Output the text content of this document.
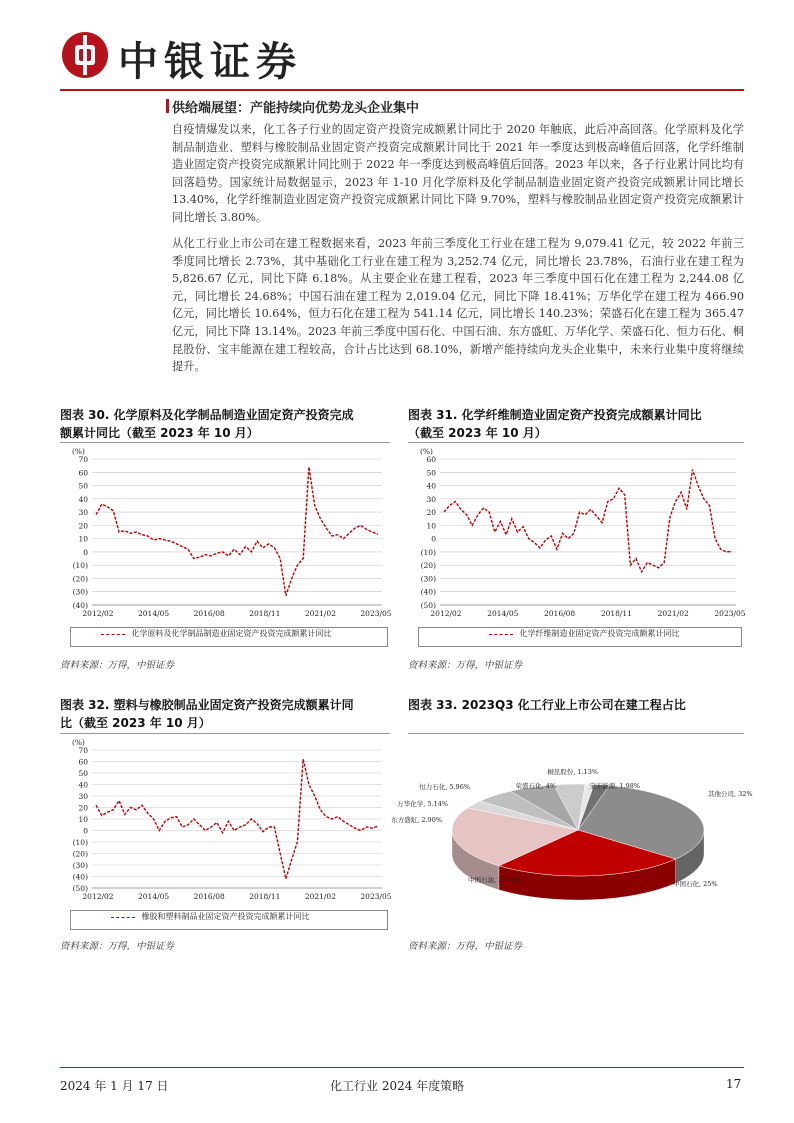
中银证券
供给端展望：产能持续向优势龙头企业集中
自疫情爆发以来，化工各子行业的固定资产投资完成额累计同比于 2020 年触底，此后冲高回落。化学原料及化学制品制造业、塑料与橡胶制品业固定资产投资完成额累计同比于 2021 年一季度达到极高峰值后回落，化学纤维制造业固定资产投资完成额累计同比则于 2022 年一季度达到极高峰值后回落。2023 年以来，各子行业累计同比均有回落趋势。国家统计局数据显示，2023 年 1-10 月化学原料及化学制品制造业固定资产投资完成额累计同比增长 13.40%，化学纤维制造业固定资产投资完成额累计同比下降 9.70%，塑料与橡胶制品业固定资产投资完成额累计同比增长 3.80%。
从化工行业上市公司在建工程数据来看，2023 年前三季度化工行业在建工程为 9,079.41 亿元，较 2022 年前三季度同比增长 2.73%，其中基础化工行业在建工程为 3,252.74 亿元，同比增长 23.78%，石油行业在建工程为 5,826.67 亿元，同比下降 6.18%。从主要企业在建工程看，2023 年三季度中国石化在建工程为 2,244.08 亿元，同比增长 24.68%；中国石油在建工程为 2,019.04 亿元，同比下降 18.41%；万华化学在建工程为 466.90 亿元，同比增长 10.64%，恒力石化在建工程为 541.14 亿元，同比增长 140.23%；荣盛石化在建工程为 365.47 亿元，同比下降 13.14%。2023 年前三季度中国石化、中国石油、东方盛虹、万华化学、荣盛石化、恒力石化、桐昆股份、宝丰能源在建工程较高，合计占比达到 68.10%，新增产能持续向龙头企业集中，未来行业集中度将继续提升。
图表 30. 化学原料及化学制品制造业固定资产投资完成
额累计同比（截至 2023 年 10 月）
(%)
70
60
50
40
30
20
10
0
(10)
(20)
(30)
(40)
2012/02	2014/05	2016/08	2018/11	2021/02	2023/05
化学原料及化学制品制造业固定资产投资完成额累计同比
资料来源：万得，中银证券
图表 31. 化学纤维制造业固定资产投资完成额累计同比
（截至 2023 年 10 月）
(%)
60
50
40
30
20
10
0
(10)
(20)
(30)
(40)
(50)
2012/02	2014/05	2016/08	2018/11	2021/02	2023/05
化学纤维制造业固定资产投资完成额累计同比
资料来源：万得，中银证券
图表 32. 塑料与橡胶制品业固定资产投资完成额累计同
比（截至 2023 年 10 月）
(%)
70
60
50
40
30
20
10
0
(10)
(20)
(30)
(40)
(50)
2012/02	2014/05	2016/08	2018/11	2021/02	2023/05
橡胶和塑料制品业固定资产投资完成额累计同比
资料来源：万得，中银证券
图表 33. 2023Q3 化工行业上市公司在建工程占比
其他公司, 32%
中国石化, 25%
中国石油, 22.24%
东方盛虹, 2.90%
万华化学, 5.14%
恒力石化, 5.96%	荣盛石化, 4%
桐昆股份, 1.13%
宝丰能源, 1.98%
资料来源：万得，中银证券
2024 年 1 月 17 日	化工行业 2024 年度策略	17
